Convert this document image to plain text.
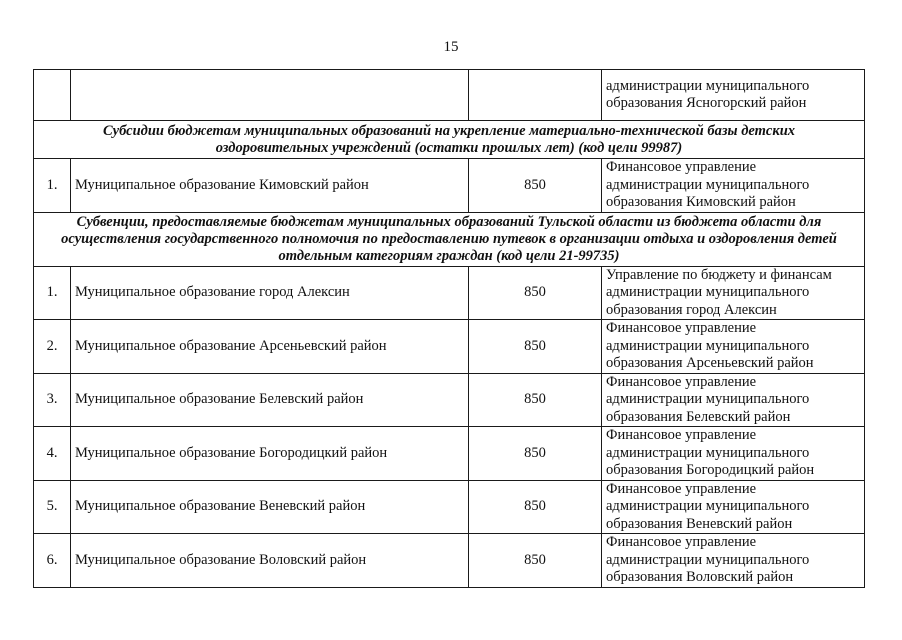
15

			администрации муниципального
образования Ясногорский район

Субсидии бюджетам муниципальных образований на укрепление материально-технической базы детских
оздоровительных учреждений (остатки прошлых лет) (код цели 99987)			

1.	Муниципальное образование Кимовский район	850	Финансовое управление
администрации муниципального
образования Кимовский район

Субвенции, предоставляемые бюджетам муниципальных образований Тульской области из бюджета области для
осуществления государственного полномочия по предоставлению путевок в организации отдыха и оздоровления детей
отдельным категориям граждан (код цели 21-99735)			

1.	Муниципальное образование город Алексин	850	Управление по бюджету и финансам
администрации муниципального
образования город Алексин

2.	Муниципальное образование Арсеньевский район	850	Финансовое управление
администрации муниципального
образования Арсеньевский район

3.	Муниципальное образование Белевский район	850	Финансовое управление
администрации муниципального
образования Белевский район

4.	Муниципальное образование Богородицкий район	850	Финансовое управление
администрации муниципального
образования Богородицкий район

5.	Муниципальное образование Веневский район	850	Финансовое управление
администрации муниципального
образования Веневский район

6.	Муниципальное образование Воловский район	850	Финансовое управление
администрации муниципального
образования Воловский район
